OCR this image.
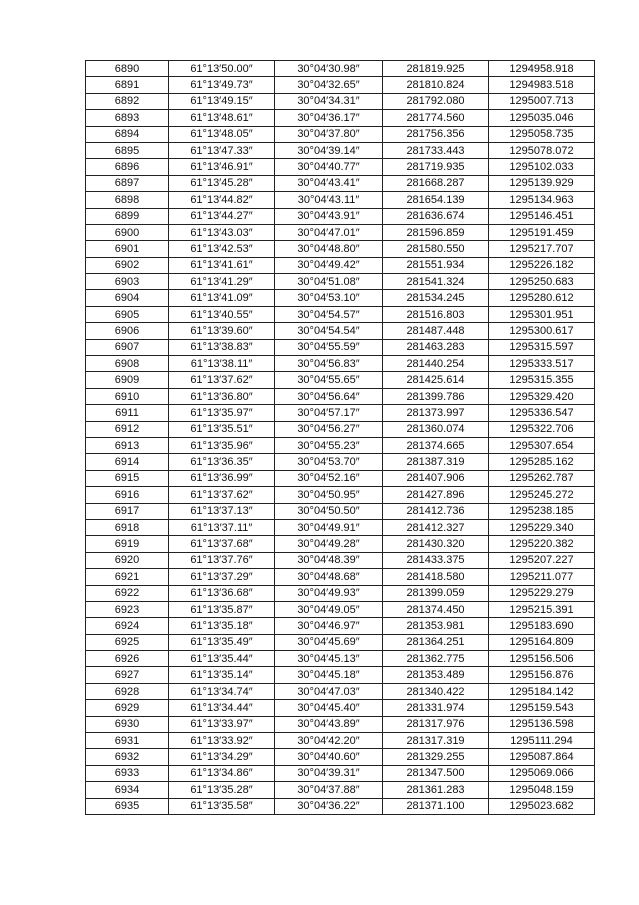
6890	61°13′50.00″	30°04′30.98″	281819.925	1294958.918
6891	61°13′49.73″	30°04′32.65″	281810.824	1294983.518
6892	61°13′49.15″	30°04′34.31″	281792.080	1295007.713
6893	61°13′48.61″	30°04′36.17″	281774.560	1295035.046
6894	61°13′48.05″	30°04′37.80″	281756.356	1295058.735
6895	61°13′47.33″	30°04′39.14″	281733.443	1295078.072
6896	61°13′46.91″	30°04′40.77″	281719.935	1295102.033
6897	61°13′45.28″	30°04′43.41″	281668.287	1295139.929
6898	61°13′44.82″	30°04′43.11″	281654.139	1295134.963
6899	61°13′44.27″	30°04′43.91″	281636.674	1295146.451
6900	61°13′43.03″	30°04′47.01″	281596.859	1295191.459
6901	61°13′42.53″	30°04′48.80″	281580.550	1295217.707
6902	61°13′41.61″	30°04′49.42″	281551.934	1295226.182
6903	61°13′41.29″	30°04′51.08″	281541.324	1295250.683
6904	61°13′41.09″	30°04′53.10″	281534.245	1295280.612
6905	61°13′40.55″	30°04′54.57″	281516.803	1295301.951
6906	61°13′39.60″	30°04′54.54″	281487.448	1295300.617
6907	61°13′38.83″	30°04′55.59″	281463.283	1295315.597
6908	61°13′38.11″	30°04′56.83″	281440.254	1295333.517
6909	61°13′37.62″	30°04′55.65″	281425.614	1295315.355
6910	61°13′36.80″	30°04′56.64″	281399.786	1295329.420
6911	61°13′35.97″	30°04′57.17″	281373.997	1295336.547
6912	61°13′35.51″	30°04′56.27″	281360.074	1295322.706
6913	61°13′35.96″	30°04′55.23″	281374.665	1295307.654
6914	61°13′36.35″	30°04′53.70″	281387.319	1295285.162
6915	61°13′36.99″	30°04′52.16″	281407.906	1295262.787
6916	61°13′37.62″	30°04′50.95″	281427.896	1295245.272
6917	61°13′37.13″	30°04′50.50″	281412.736	1295238.185
6918	61°13′37.11″	30°04′49.91″	281412.327	1295229.340
6919	61°13′37.68″	30°04′49.28″	281430.320	1295220.382
6920	61°13′37.76″	30°04′48.39″	281433.375	1295207.227
6921	61°13′37.29″	30°04′48.68″	281418.580	1295211.077
6922	61°13′36.68″	30°04′49.93″	281399.059	1295229.279
6923	61°13′35.87″	30°04′49.05″	281374.450	1295215.391
6924	61°13′35.18″	30°04′46.97″	281353.981	1295183.690
6925	61°13′35.49″	30°04′45.69″	281364.251	1295164.809
6926	61°13′35.44″	30°04′45.13″	281362.775	1295156.506
6927	61°13′35.14″	30°04′45.18″	281353.489	1295156.876
6928	61°13′34.74″	30°04′47.03″	281340.422	1295184.142
6929	61°13′34.44″	30°04′45.40″	281331.974	1295159.543
6930	61°13′33.97″	30°04′43.89″	281317.976	1295136.598
6931	61°13′33.92″	30°04′42.20″	281317.319	1295111.294
6932	61°13′34.29″	30°04′40.60″	281329.255	1295087.864
6933	61°13′34.86″	30°04′39.31″	281347.500	1295069.066
6934	61°13′35.28″	30°04′37.88″	281361.283	1295048.159
6935	61°13′35.58″	30°04′36.22″	281371.100	1295023.682
